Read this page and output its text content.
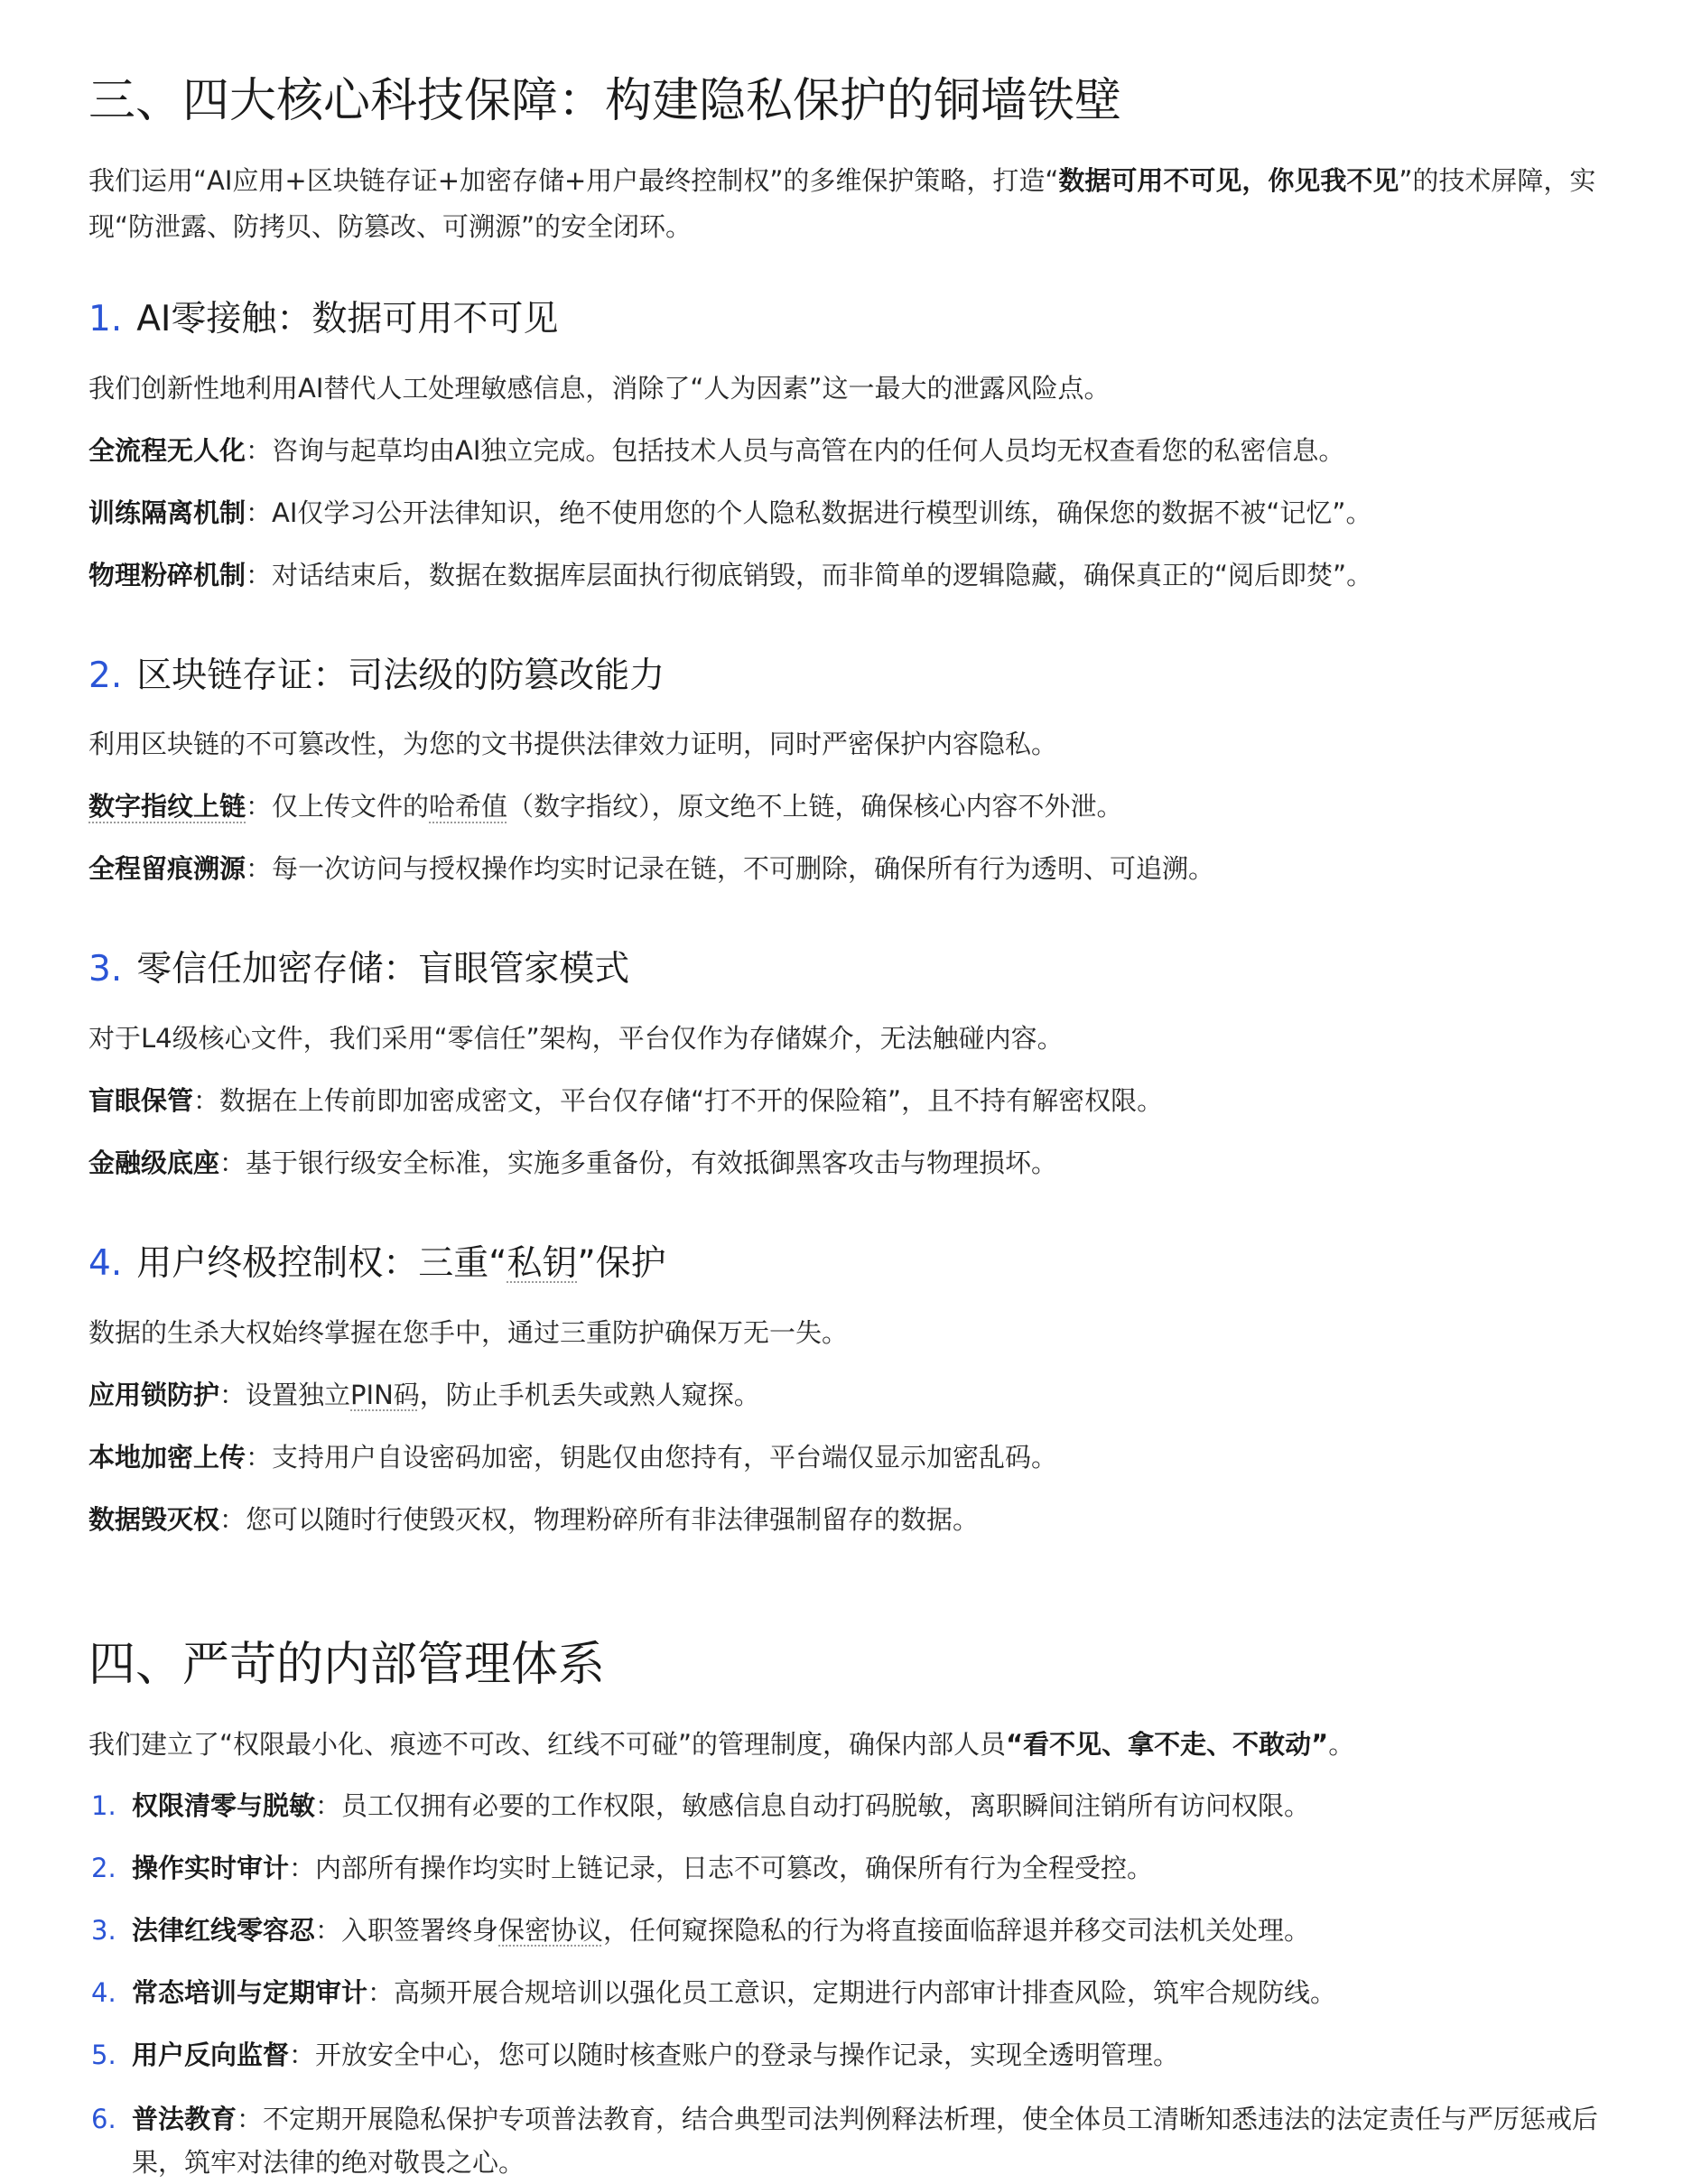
三、四大核心科技保障：构建隐私保护的铜墙铁壁

我们运用“AI应用+区块链存证+加密存储+用户最终控制权”的多维保护策略，打造“数据可用不可见，你见我不见”的技术屏障，实现“防泄露、防拷贝、防篡改、可溯源”的安全闭环。

1. AI零接触：数据可用不可见

我们创新性地利用AI替代人工处理敏感信息，消除了“人为因素”这一最大的泄露风险点。

全流程无人化：咨询与起草均由AI独立完成。包括技术人员与高管在内的任何人员均无权查看您的私密信息。

训练隔离机制：AI仅学习公开法律知识，绝不使用您的个人隐私数据进行模型训练，确保您的数据不被“记忆”。

物理粉碎机制：对话结束后，数据在数据库层面执行彻底销毁，而非简单的逻辑隐藏，确保真正的“阅后即焚”。

2. 区块链存证：司法级的防篡改能力

利用区块链的不可篡改性，为您的文书提供法律效力证明，同时严密保护内容隐私。

数字指纹上链：仅上传文件的哈希值（数字指纹），原文绝不上链，确保核心内容不外泄。

全程留痕溯源：每一次访问与授权操作均实时记录在链，不可删除，确保所有行为透明、可追溯。

3. 零信任加密存储：盲眼管家模式

对于L4级核心文件，我们采用“零信任”架构，平台仅作为存储媒介，无法触碰内容。

盲眼保管：数据在上传前即加密成密文，平台仅存储“打不开的保险箱”，且不持有解密权限。

金融级底座：基于银行级安全标准，实施多重备份，有效抵御黑客攻击与物理损坏。

4. 用户终极控制权：三重“私钥”保护

数据的生杀大权始终掌握在您手中，通过三重防护确保万无一失。

应用锁防护：设置独立PIN码，防止手机丢失或熟人窥探。

本地加密上传：支持用户自设密码加密，钥匙仅由您持有，平台端仅显示加密乱码。

数据毁灭权：您可以随时行使毁灭权，物理粉碎所有非法律强制留存的数据。

四、严苛的内部管理体系

我们建立了“权限最小化、痕迹不可改、红线不可碰”的管理制度，确保内部人员“看不见、拿不走、不敢动”。

1. 权限清零与脱敏：员工仅拥有必要的工作权限，敏感信息自动打码脱敏，离职瞬间注销所有访问权限。
2. 操作实时审计：内部所有操作均实时上链记录，日志不可篡改，确保所有行为全程受控。
3. 法律红线零容忍：入职签署终身保密协议，任何窥探隐私的行为将直接面临辞退并移交司法机关处理。
4. 常态培训与定期审计：高频开展合规培训以强化员工意识，定期进行内部审计排查风险，筑牢合规防线。
5. 用户反向监督：开放安全中心，您可以随时核查账户的登录与操作记录，实现全透明管理。
6. 普法教育：不定期开展隐私保护专项普法教育，结合典型司法判例释法析理，使全体员工清晰知悉违法的法定责任与严厉惩戒后果，筑牢对法律的绝对敬畏之心。
